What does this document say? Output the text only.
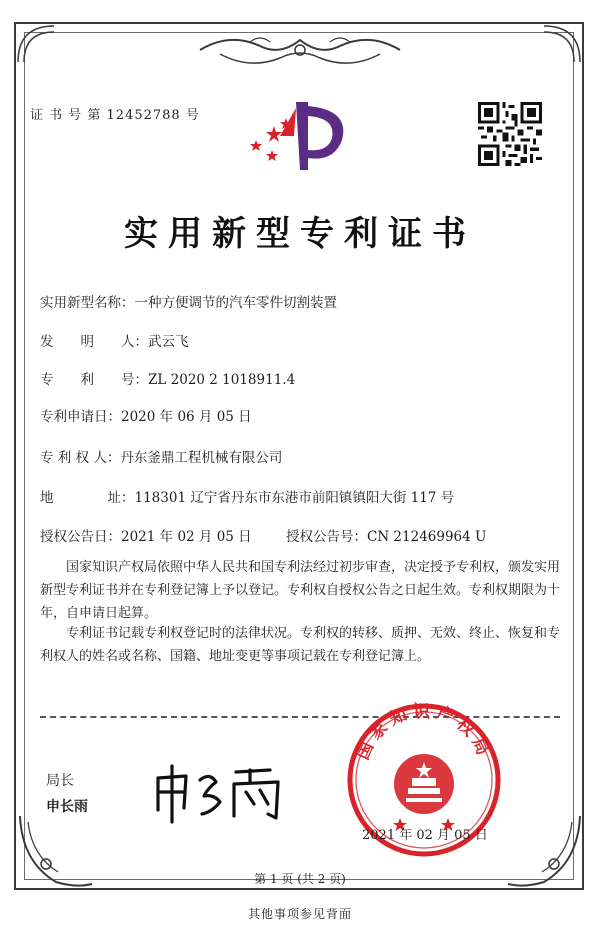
证 书 号 第 12452788 号
实用新型专利证书
实用新型名称：一种方便调节的汽车零件切割装置
发　　明　　人：武云飞
专　　利　　号：ZL 2020 2 1018911.4
专利申请日：2020 年 06 月 05 日
专 利 权 人：丹东釜鼎工程机械有限公司
地　　　　址：118301 辽宁省丹东市东港市前阳镇镇阳大街 117 号
授权公告日：2021 年 02 月 05 日	授权公告号：CN 212469964 U
国家知识产权局依照中华人民共和国专利法经过初步审查，决定授予专利权，颁发实用新型专利证书并在专利登记簿上予以登记。专利权自授权公告之日起生效。专利权期限为十年，自申请日起算。
专利证书记载专利权登记时的法律状况。专利权的转移、质押、无效、终止、恢复和专利权人的姓名或名称、国籍、地址变更等事项记载在专利登记簿上。
局长
申长雨
国家知识产权局
2021 年 02 月 05 日
第 1 页 (共 2 页)
其他事项参见背面
